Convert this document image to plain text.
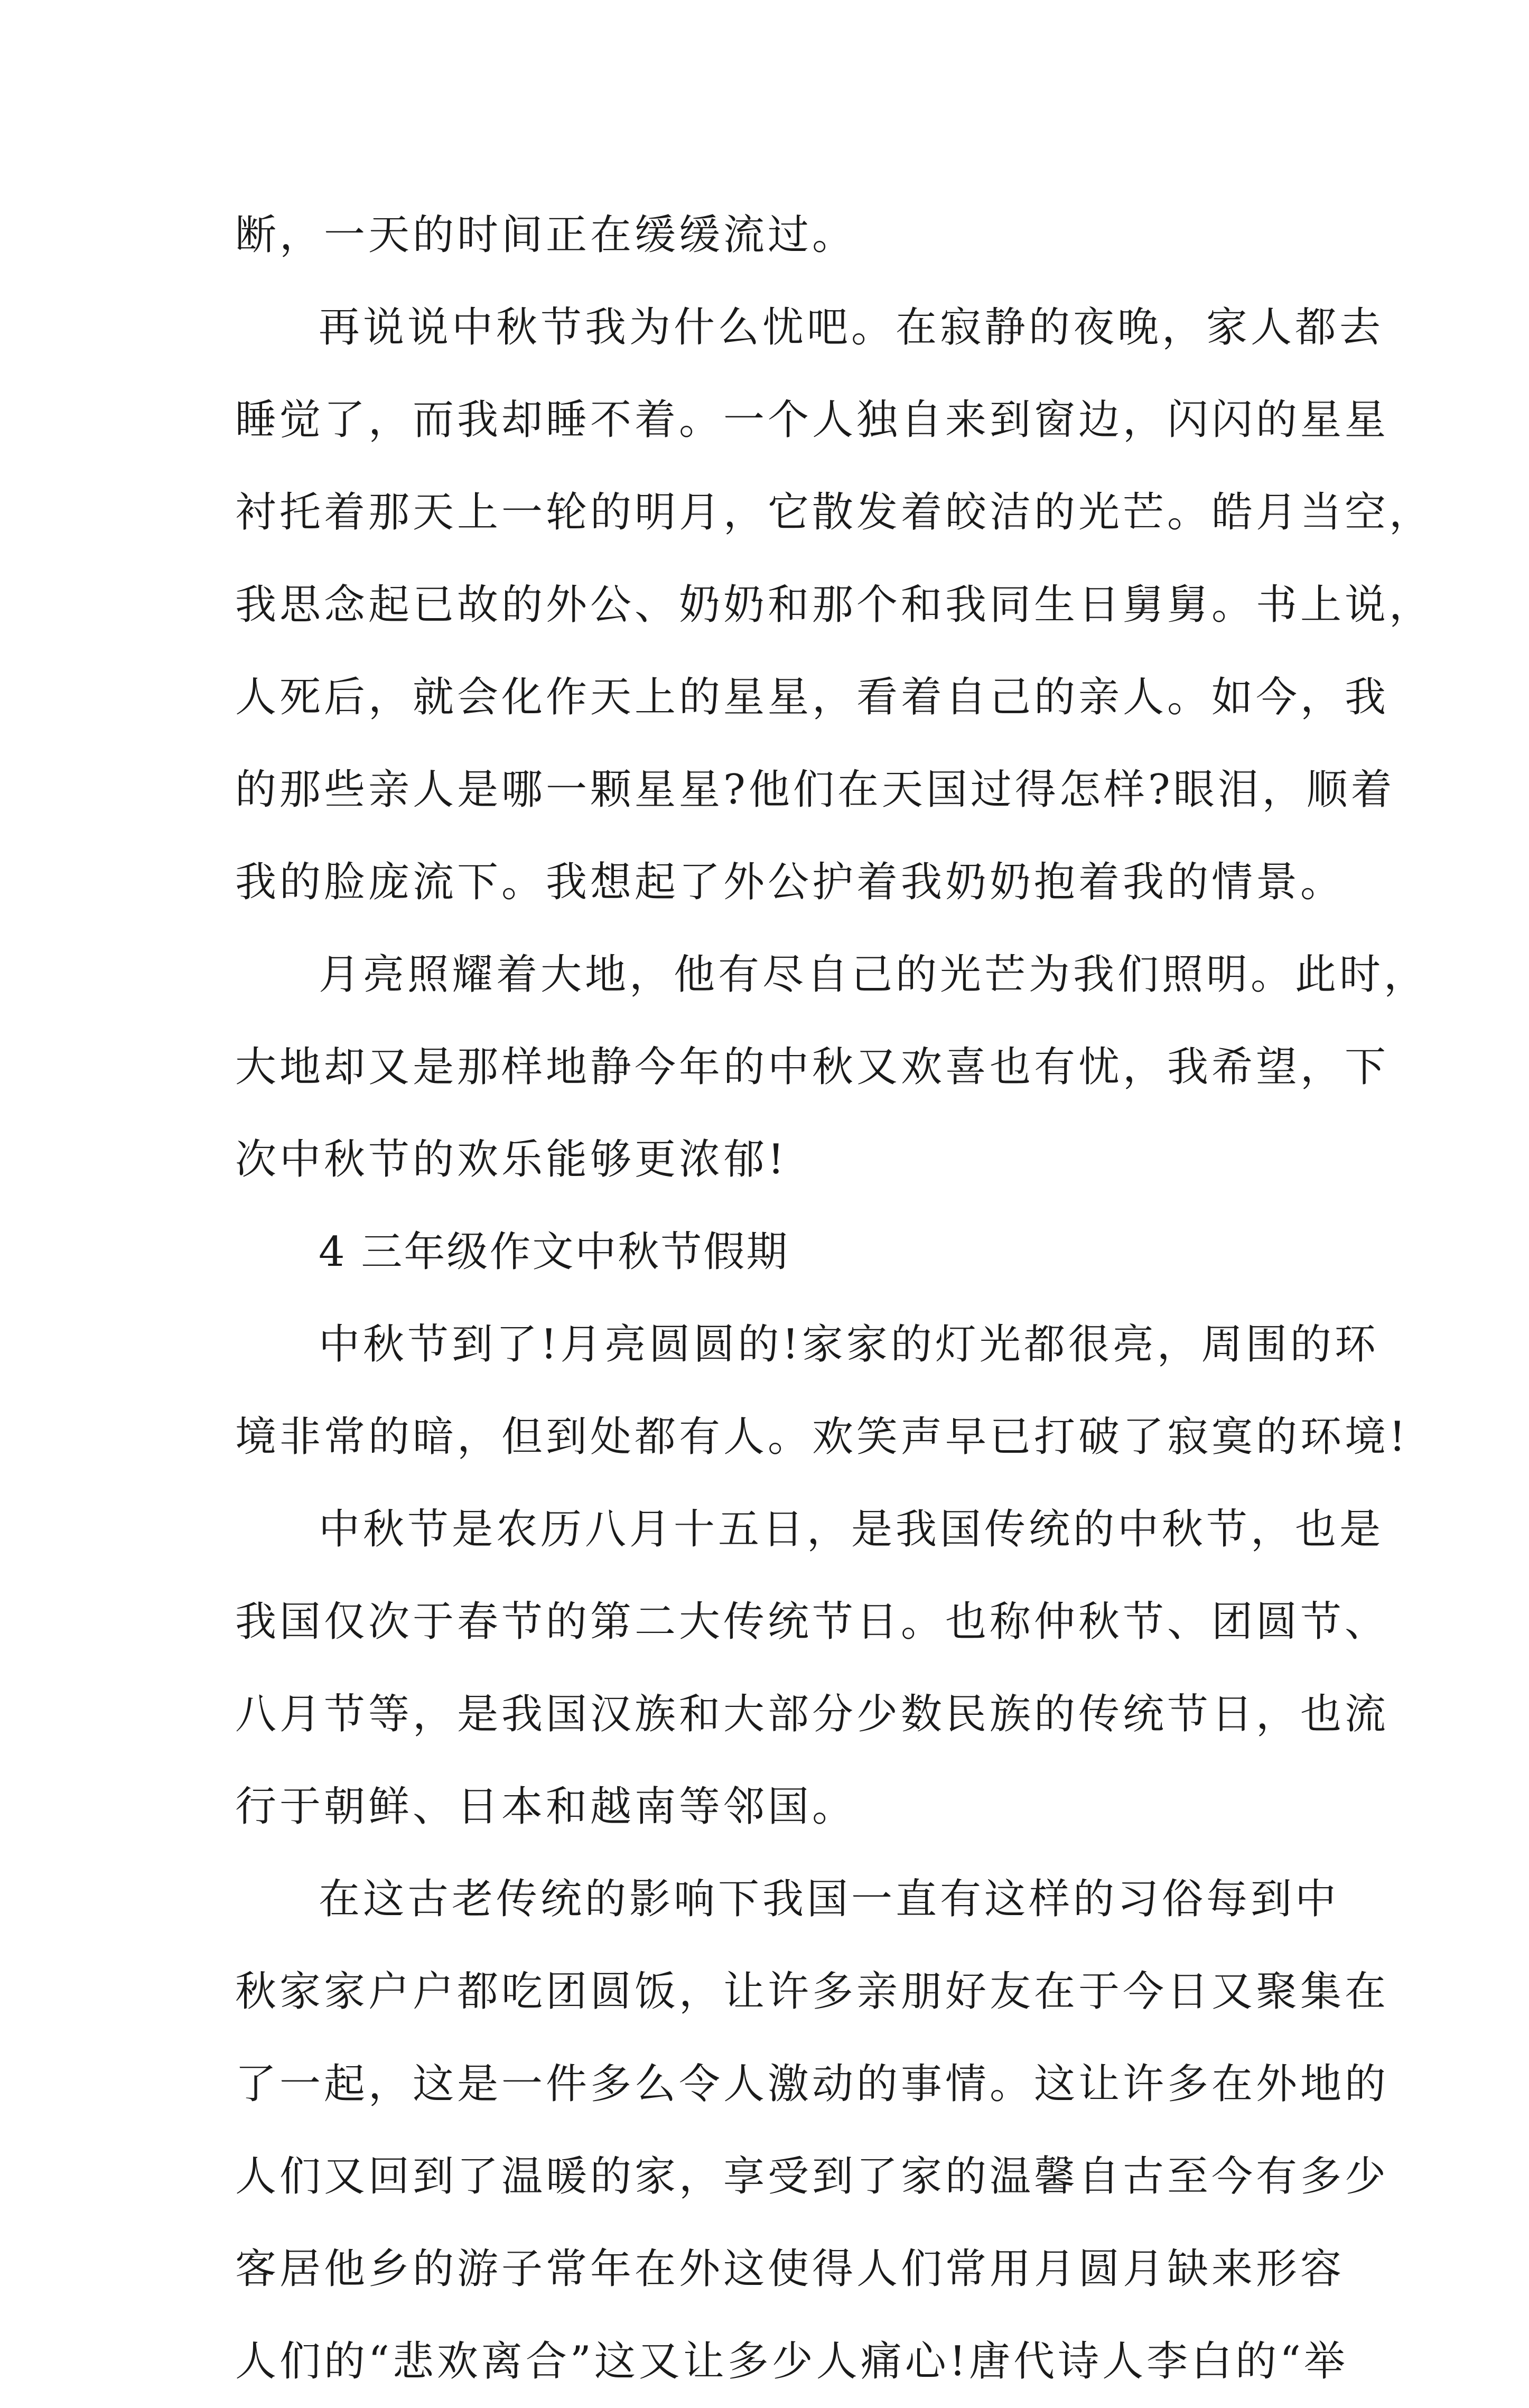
断，一天的时间正在缓缓流过。
再说说中秋节我为什么忧吧。在寂静的夜晚，家人都去
睡觉了，而我却睡不着。一个人独自来到窗边，闪闪的星星
衬托着那天上一轮的明月，它散发着皎洁的光芒。皓月当空，
我思念起已故的外公、奶奶和那个和我同生日舅舅。书上说，
人死后，就会化作天上的星星，看着自己的亲人。如今，我
的那些亲人是哪一颗星星?他们在天国过得怎样?眼泪，顺着
我的脸庞流下。我想起了外公护着我奶奶抱着我的情景。
月亮照耀着大地，他有尽自己的光芒为我们照明。此时，
大地却又是那样地静今年的中秋又欢喜也有忧，我希望，下
次中秋节的欢乐能够更浓郁!
4 三年级作文中秋节假期
中秋节到了!月亮圆圆的!家家的灯光都很亮，周围的环
境非常的暗，但到处都有人。欢笑声早已打破了寂寞的环境!
中秋节是农历八月十五日，是我国传统的中秋节，也是
我国仅次于春节的第二大传统节日。也称仲秋节、团圆节、
八月节等，是我国汉族和大部分少数民族的传统节日，也流
行于朝鲜、日本和越南等邻国。
在这古老传统的影响下我国一直有这样的习俗每到中
秋家家户户都吃团圆饭，让许多亲朋好友在于今日又聚集在
了一起，这是一件多么令人激动的事情。这让许多在外地的
人们又回到了温暖的家，享受到了家的温馨自古至今有多少
客居他乡的游子常年在外这使得人们常用月圆月缺来形容
人们的“悲欢离合”这又让多少人痛心!唐代诗人李白的“举
